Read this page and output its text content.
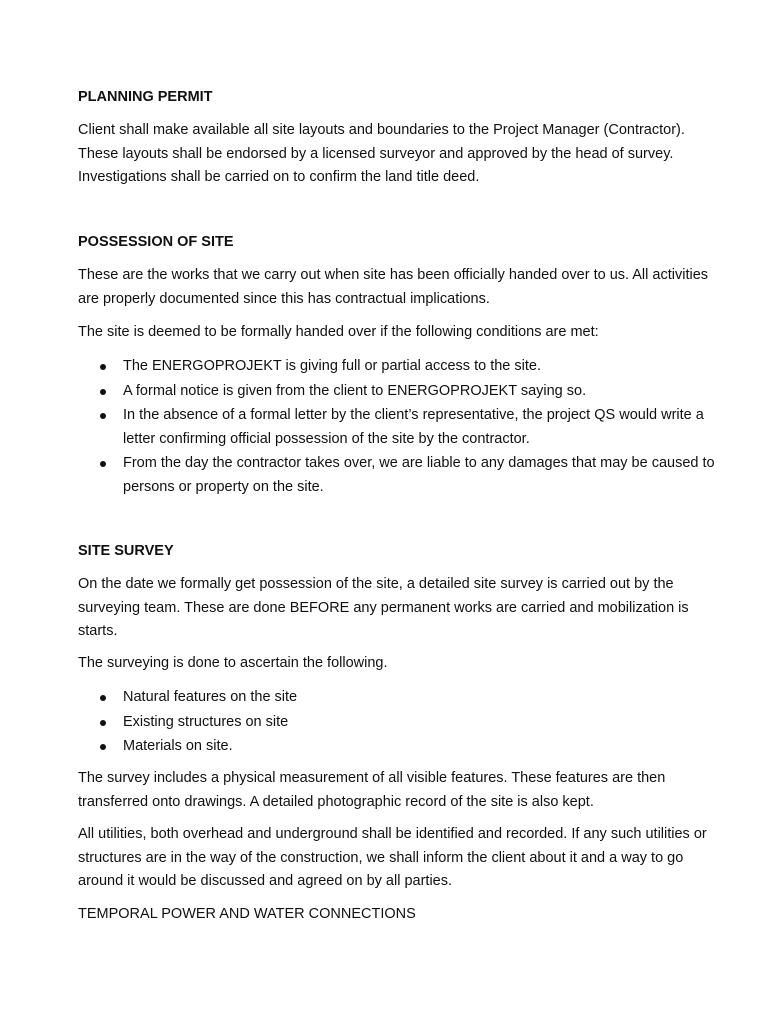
PLANNING PERMIT

Client shall make available all site layouts and boundaries to the Project Manager (Contractor). These layouts shall be endorsed by a licensed surveyor and approved by the head of survey. Investigations shall be carried on to confirm the land title deed.

POSSESSION OF SITE

These are the works that we carry out when site has been officially handed over to us. All activities are properly documented since this has contractual implications.

The site is deemed to be formally handed over if the following conditions are met:

The ENERGOPROJEKT is giving full or partial access to the site.
A formal notice is given from the client to ENERGOPROJEKT saying so.
In the absence of a formal letter by the client’s representative, the project QS would write a letter confirming official possession of the site by the contractor.
From the day the contractor takes over, we are liable to any damages that may be caused to persons or property on the site.
SITE SURVEY

On the date we formally get possession of the site, a detailed site survey is carried out by the surveying team. These are done BEFORE any permanent works are carried and mobilization is starts.

The surveying is done to ascertain the following.

Natural features on the site
Existing structures on site
Materials on site.

The survey includes a physical measurement of all visible features. These features are then transferred onto drawings. A detailed photographic record of the site is also kept.

All utilities, both overhead and underground shall be identified and recorded. If any such utilities or structures are in the way of the construction, we shall inform the client about it and a way to go around it would be discussed and agreed on by all parties.

TEMPORAL POWER AND WATER CONNECTIONS
